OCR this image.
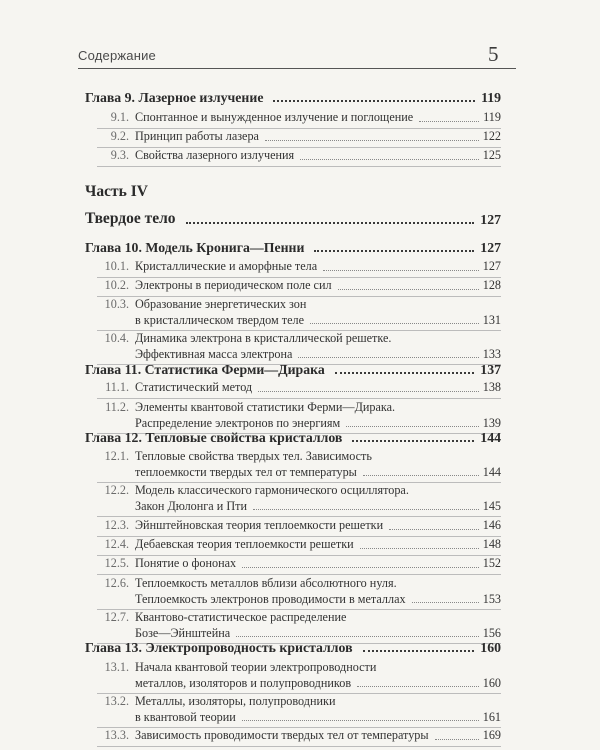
Содержание	5
Глава 9. Лазерное излучение	119
9.1. Спонтанное и вынужденное излучение и поглощение	119
9.2. Принцип работы лазера	122
9.3. Свойства лазерного излучения	125
Часть IV
Твердое тело	127
Глава 10. Модель Кронига—Пенни	127
10.1. Кристаллические и аморфные тела	127
10.2. Электроны в периодическом поле сил	128
10.3. Образование энергетических зон
в кристаллическом твердом теле	131
10.4. Динамика электрона в кристаллической решетке.
Эффективная масса электрона	133
Глава 11. Статистика Ферми—Дирака	137
11.1. Статистический метод	138
11.2. Элементы квантовой статистики Ферми—Дирака.
Распределение электронов по энергиям	139
Глава 12. Тепловые свойства кристаллов	144
12.1. Тепловые свойства твердых тел. Зависимость
теплоемкости твердых тел от температуры	144
12.2. Модель классического гармонического осциллятора.
Закон Дюлонга и Пти	145
12.3. Эйнштейновская теория теплоемкости решетки	146
12.4. Дебаевская теория теплоемкости решетки	148
12.5. Понятие о фононах	152
12.6. Теплоемкость металлов вблизи абсолютного нуля.
Теплоемкость электронов проводимости в металлах	153
12.7. Квантово-статистическое распределение
Бозе—Эйнштейна	156
Глава 13. Электропроводность кристаллов	160
13.1. Начала квантовой теории электропроводности
металлов, изоляторов и полупроводников	160
13.2. Металлы, изоляторы, полупроводники
в квантовой теории	161
13.3. Зависимость проводимости твердых тел от температуры	169
